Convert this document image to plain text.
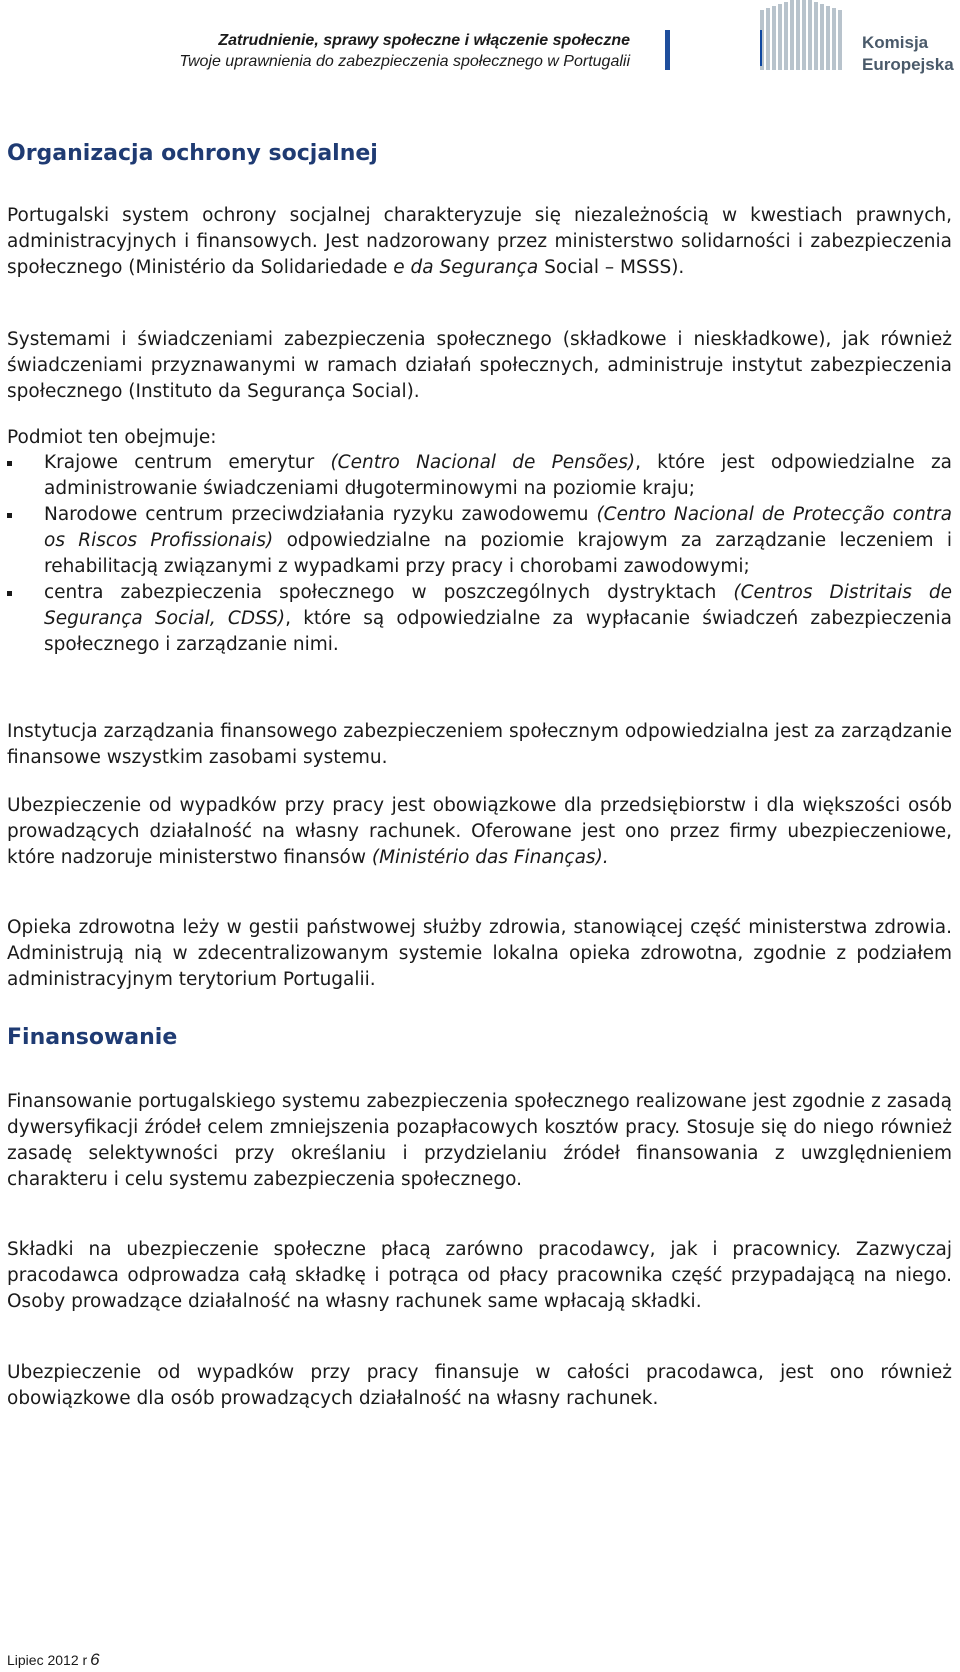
Zatrudnienie, sprawy społeczne i włączenie społeczne
Twoje uprawnienia do zabezpieczenia społecznego w Portugalii
Komisja
Europejska
Organizacja ochrony socjalnej

Portugalski system ochrony socjalnej charakteryzuje się niezależnością w kwestiach prawnych, administracyjnych i finansowych. Jest nadzorowany przez ministerstwo solidarności i zabezpieczenia społecznego (Ministério da Solidariedade e da Segurança Social – MSSS).

Systemami i świadczeniami zabezpieczenia społecznego (składkowe i nieskładkowe), jak również świadczeniami przyznawanymi w ramach działań społecznych, administruje instytut zabezpieczenia społecznego (Instituto da Segurança Social).

Podmiot ten obejmuje:

Krajowe centrum emerytur (Centro Nacional de Pensões), które jest odpowiedzialne za administrowanie świadczeniami długoterminowymi na poziomie kraju;
Narodowe centrum przeciwdziałania ryzyku zawodowemu (Centro Nacional de Protecção contra os Riscos Profissionais) odpowiedzialne na poziomie krajowym za zarządzanie leczeniem i rehabilitacją związanymi z wypadkami przy pracy i chorobami zawodowymi;
centra zabezpieczenia społecznego w poszczególnych dystryktach (Centros Distritais de Segurança Social, CDSS), które są odpowiedzialne za wypłacanie świadczeń zabezpieczenia społecznego i zarządzanie nimi.

Instytucja zarządzania finansowego zabezpieczeniem społecznym odpowiedzialna jest za zarządzanie finansowe wszystkim zasobami systemu.

Ubezpieczenie od wypadków przy pracy jest obowiązkowe dla przedsiębiorstw i dla większości osób prowadzących działalność na własny rachunek. Oferowane jest ono przez firmy ubezpieczeniowe, które nadzoruje ministerstwo finansów (Ministério das Finanças).

Opieka zdrowotna leży w gestii państwowej służby zdrowia, stanowiącej część ministerstwa zdrowia. Administrują nią w zdecentralizowanym systemie lokalna opieka zdrowotna, zgodnie z podziałem administracyjnym terytorium Portugalii.

Finansowanie

Finansowanie portugalskiego systemu zabezpieczenia społecznego realizowane jest zgodnie z zasadą dywersyfikacji źródeł celem zmniejszenia pozapłacowych kosztów pracy. Stosuje się do niego również zasadę selektywności przy określaniu i przydzielaniu źródeł finansowania z uwzględnieniem charakteru i celu systemu zabezpieczenia społecznego.

Składki na ubezpieczenie społeczne płacą zarówno pracodawcy, jak i pracownicy. Zazwyczaj pracodawca odprowadza całą składkę i potrąca od płacy pracownika część przypadającą na niego. Osoby prowadzące działalność na własny rachunek same wpłacają składki.

Ubezpieczenie od wypadków przy pracy finansuje w całości pracodawca, jest ono również obowiązkowe dla osób prowadzących działalność na własny rachunek.

Lipiec 2012 r 6
